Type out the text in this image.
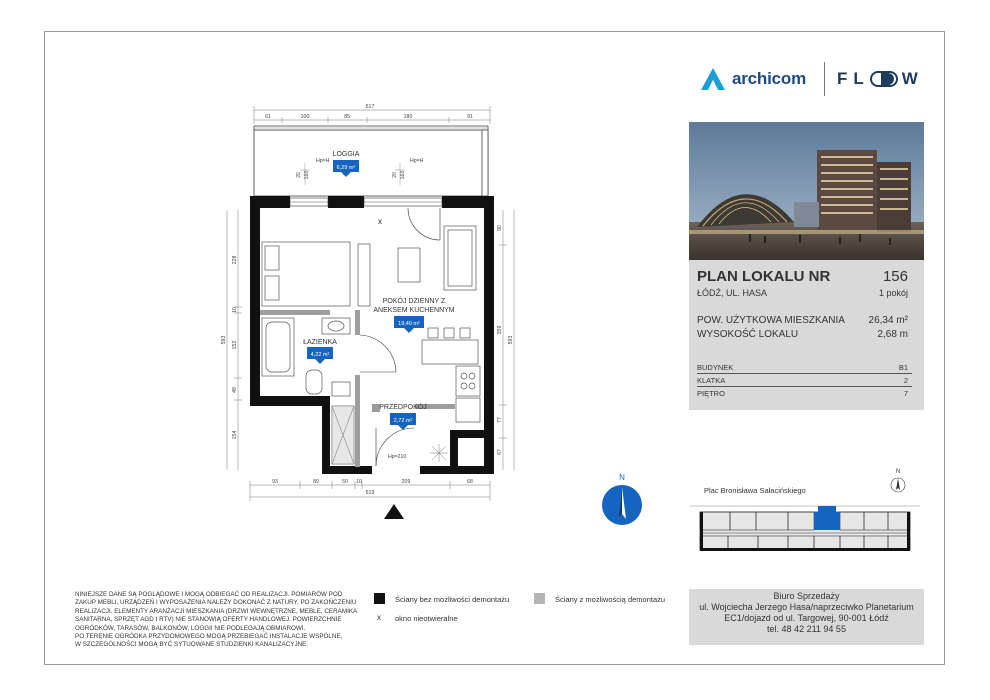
archicom FL W
PLAN LOKALU NR	156
ŁÓDŹ, UL. HASA	1 pokój
POW. UŻYTKOWA MIESZKANIA 26,34 m²
WYSOKOŚĆ LOKALU	2,68 m
BUDYNEK	B1
KLATKA	2
PIĘTRO	7
517
61	100	85	180	91
593
228
10
152
49
154
90
359
77
67
593
93	89	50 10	209	68
519
20 160	20 160
Hp=H	Hp=H
x
Hp=210
LOGGIA
6,29 m²
POKÓJ DZIENNY Z
ANEKSEM KUCHENNYM
19,40 m²
ŁAZIENKA
4,22 m²
PRZEDPOKÓJ
2,72 m²
N
Plac Bronisława Sałacińskiego
N
NINIEJSZE DANE SĄ POGLĄDOWE I MOGĄ ODBIEGAĆ OD REALIZACJI. POMIARÓW POD
ZAKUP MEBLI, URZĄDZEŃ I WYPOSAŻENIA NALEŻY DOKONAĆ Z NATURY, PO ZAKOŃCZENIU
REALIZACJI. ELEMENTY ARANŻACJI MIESZKANIA (DRZWI WEWNĘTRZNE, MEBLE, CERAMIKA
SANITARNA, SPRZĘT AGD I RTV) NIE STANOWIĄ OFERTY HANDLOWEJ. POWIERZCHNIE
OGRÓDKÓW, TARASÓW, BALKONÓW, LOGGII NIE PODLEGAJĄ OBMIAROWI.
PO TERENIE OGRÓDKA PRZYDOMOWEGO MOGĄ PRZEBIEGAĆ INSTALACJE WSPÓLNE,
W SZCZEGÓLNOŚCI MOGĄ BYĆ SYTUOWANE STUDZIENKI KANALIZACYJNE.
Ściany bez możliwości demontażu	Ściany z możliwością demontażu
x okno nieotwieralne
Biuro Sprzedaży
ul. Wojciecha Jerzego Hasa/naprzeciwko Planetarium
EC1/dojazd od ul. Targowej, 90-001 Łódź
tel. 48 42 211 94 55
